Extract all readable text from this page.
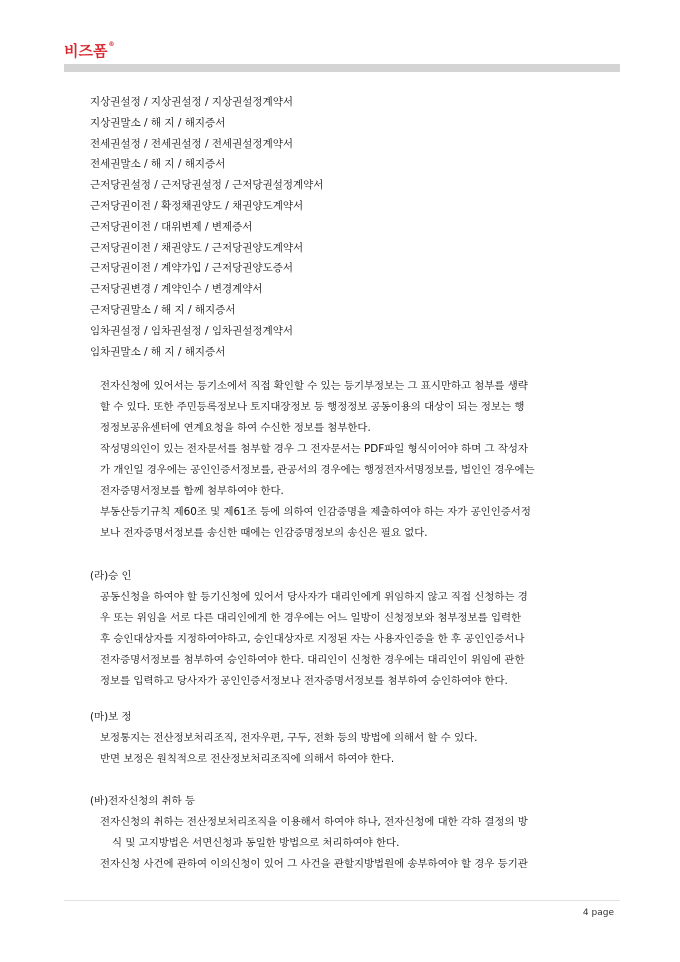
비즈폼®
지상권설정 / 지상권설정 / 지상권설정계약서
지상권말소 / 해 지 / 해지증서
전세권설정 / 전세권설정 / 전세권설정계약서
전세권말소 / 해 지 / 해지증서
근저당권설정 / 근저당권설정 / 근저당권설정계약서
근저당권이전 / 확정채권양도 / 채권양도계약서
근저당권이전 / 대위변제 / 변제증서
근저당권이전 / 채권양도 / 근저당권양도계약서
근저당권이전 / 계약가입 / 근저당권양도증서
근저당권변경 / 계약인수 / 변경계약서
근저당권말소 / 해 지 / 해지증서
임차권설정 / 임차권설정 / 임차권설정계약서
임차권말소 / 해 지 / 해지증서
전자신청에 있어서는 등기소에서 직접 확인할 수 있는 등기부정보는 그 표시만하고 첨부를 생략
할 수 있다. 또한 주민등록정보나 토지대장정보 등 행정정보 공동이용의 대상이 되는 정보는 행
정정보공유센터에 연계요청을 하여 수신한 정보를 첨부한다.
작성명의인이 있는 전자문서를 첨부할 경우 그 전자문서는 PDF파일 형식이어야 하며 그 작성자
가 개인일 경우에는 공인인증서정보를, 관공서의 경우에는 행정전자서명정보를, 법인인 경우에는
전자증명서정보를 함께 첨부하여야 한다.
부동산등기규칙 제60조 및 제61조 등에 의하여 인감증명을 제출하여야 하는 자가 공인인증서정
보나 전자증명서정보를 송신한 때에는 인감증명정보의 송신은 필요 없다.
(라)승 인
공동신청을 하여야 할 등기신청에 있어서 당사자가 대리인에게 위임하지 않고 직접 신청하는 경
우 또는 위임을 서로 다른 대리인에게 한 경우에는 어느 일방이 신청정보와 첨부정보를 입력한
후 승인대상자를 지정하여야하고, 승인대상자로 지정된 자는 사용자인증을 한 후 공인인증서나
전자증명서정보를 첨부하여 승인하여야 한다. 대리인이 신청한 경우에는 대리인이 위임에 관한
정보를 입력하고 당사자가 공인인증서정보나 전자증명서정보를 첨부하여 승인하여야 한다.
(마)보 정
보정통지는 전산정보처리조직, 전자우편, 구두, 전화 등의 방법에 의해서 할 수 있다.
반면 보정은 원칙적으로 전산정보처리조직에 의해서 하여야 한다.
(바)전자신청의 취하 등
전자신청의 취하는 전산정보처리조직을 이용해서 하여야 하나, 전자신청에 대한 각하 결정의 방
식 및 고지방법은 서면신청과 동일한 방법으로 처리하여야 한다.
전자신청 사건에 관하여 이의신청이 있어 그 사건을 관할지방법원에 송부하여야 할 경우 등기관
4 page
